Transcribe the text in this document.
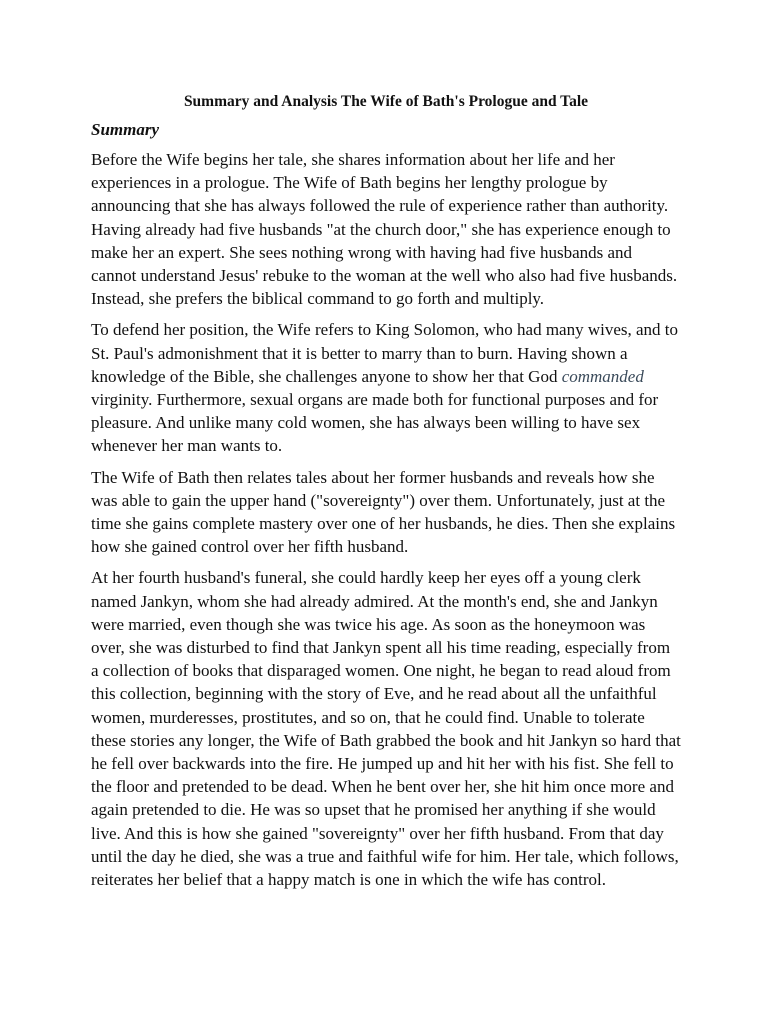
Summary and Analysis The Wife of Bath's Prologue and Tale
Summary

Before the Wife begins her tale, she shares information about her life and her experiences in a prologue. The Wife of Bath begins her lengthy prologue by announcing that she has always followed the rule of experience rather than authority. Having already had five husbands "at the church door," she has experience enough to make her an expert. She sees nothing wrong with having had five husbands and cannot understand Jesus' rebuke to the woman at the well who also had five husbands. Instead, she prefers the biblical command to go forth and multiply.

To defend her position, the Wife refers to King Solomon, who had many wives, and to St. Paul's admonishment that it is better to marry than to burn. Having shown a knowledge of the Bible, she challenges anyone to show her that God commanded virginity. Furthermore, sexual organs are made both for functional purposes and for pleasure. And unlike many cold women, she has always been willing to have sex whenever her man wants to.

The Wife of Bath then relates tales about her former husbands and reveals how she was able to gain the upper hand ("sovereignty") over them. Unfortunately, just at the time she gains complete mastery over one of her husbands, he dies. Then she explains how she gained control over her fifth husband.

At her fourth husband's funeral, she could hardly keep her eyes off a young clerk named Jankyn, whom she had already admired. At the month's end, she and Jankyn were married, even though she was twice his age. As soon as the honeymoon was over, she was disturbed to find that Jankyn spent all his time reading, especially from a collection of books that disparaged women. One night, he began to read aloud from this collection, beginning with the story of Eve, and he read about all the unfaithful women, murderesses, prostitutes, and so on, that he could find. Unable to tolerate these stories any longer, the Wife of Bath grabbed the book and hit Jankyn so hard that he fell over backwards into the fire. He jumped up and hit her with his fist. She fell to the floor and pretended to be dead. When he bent over her, she hit him once more and again pretended to die. He was so upset that he promised her anything if she would live. And this is how she gained "sovereignty" over her fifth husband. From that day until the day he died, she was a true and faithful wife for him. Her tale, which follows, reiterates her belief that a happy match is one in which the wife has control.
